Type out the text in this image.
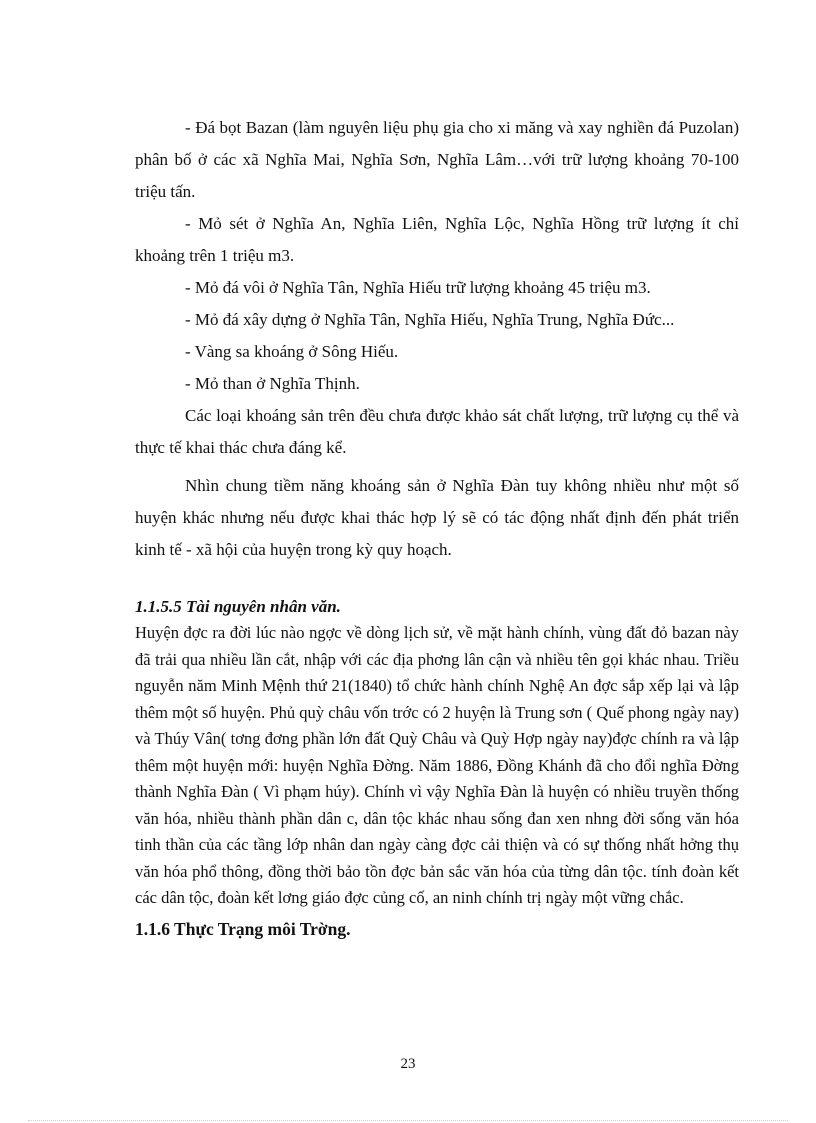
- Đá bọt Bazan (làm nguyên liệu phụ gia cho xi măng và xay nghiền đá Puzolan) phân bố ở các xã Nghĩa Mai, Nghĩa Sơn, Nghĩa Lâm…với trữ lượng khoảng 70-100 triệu tấn.

- Mỏ sét ở Nghĩa An, Nghĩa Liên, Nghĩa Lộc, Nghĩa Hồng trữ lượng ít chỉ khoảng trên 1 triệu m3.

- Mỏ đá vôi ở Nghĩa Tân, Nghĩa Hiếu trữ lượng khoảng 45 triệu m3.

- Mỏ đá xây dựng ở Nghĩa Tân, Nghĩa Hiếu, Nghĩa Trung, Nghĩa Đức...

- Vàng sa khoáng ở Sông Hiếu.

- Mỏ than ở Nghĩa Thịnh.

Các loại khoáng sản trên đều chưa được khảo sát chất lượng, trữ lượng cụ thể và thực tế khai thác chưa đáng kể.

Nhìn chung tiềm năng khoáng sản ở Nghĩa Đàn tuy không nhiều như một số huyện khác nhưng nếu được khai thác hợp lý sẽ có tác động nhất định đến phát triển kinh tế - xã hội của huyện trong kỳ quy hoạch.

1.1.5.5 Tài nguyên nhân văn.

Huyện đợc ra đời lúc nào ngợc về dòng lịch sử, về mặt hành chính, vùng đất đỏ bazan này đã trải qua nhiều lần cắt, nhập với các địa phơng lân cận và nhiều tên gọi khác nhau. Triều nguyễn năm Minh Mệnh thứ 21(1840) tổ chức hành chính Nghệ An đợc sắp xếp lại và lập thêm một số huyện. Phủ quỳ châu vốn trớc có 2 huyện là Trung sơn ( Quế phong ngày nay) và Thúy Vân( tơng đơng phần lớn đất Quỳ Châu và Quỳ Hợp ngày nay)đợc chính ra và lập thêm một huyện mới: huyện Nghĩa Đờng. Năm 1886, Đồng Khánh đã cho đổi nghĩa Đờng thành Nghĩa Đàn ( Vì phạm húy). Chính vì vậy Nghĩa Đàn là huyện có nhiều truyền thống văn hóa, nhiều thành phần dân c, dân tộc khác nhau sống đan xen nhng đời sống văn hóa tinh thần của các tầng lớp nhân dan ngày càng đợc cải thiện và có sự thống nhất hởng thụ văn hóa phổ thông, đồng thời bảo tồn đợc bản sắc văn hóa của từng dân tộc. tính đoàn kết các dân tộc, đoàn kết lơng giáo đợc củng cố, an ninh chính trị ngày một vững chắc.

1.1.6 Thực Trạng môi Trờng.

23
